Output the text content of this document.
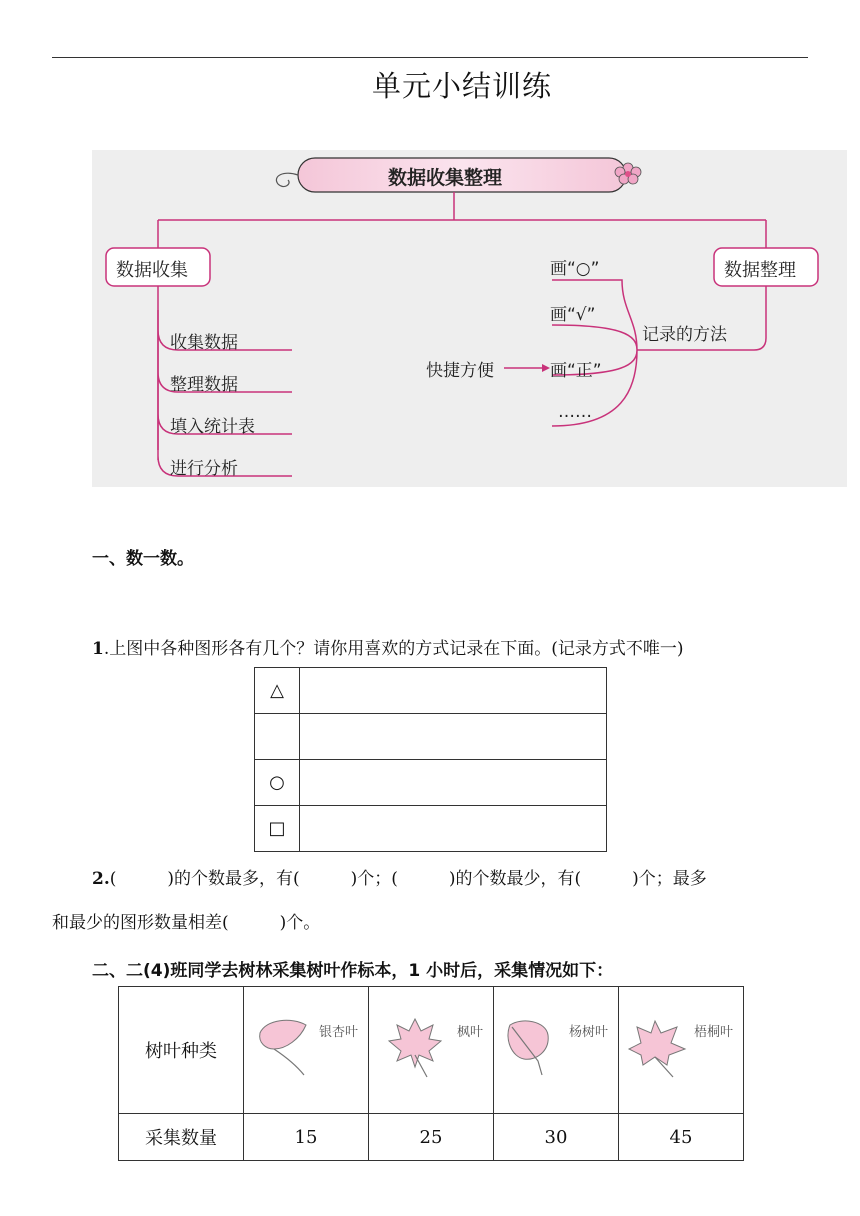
单元小结训练
数据收集整理
数据收集	数据整理
收集数据
整理数据
填入统计表
进行分析
画“○”
画“√”
画“正”
……
记录的方法
快捷方便
一、数一数。
1.上图中各种图形各有几个？请你用喜欢的方式记录在下面。(记录方式不唯一)
△	

○	
□	
2.(　　　)的个数最多，有(　　　)个；(　　　)的个数最少，有(　　　)个；最多
和最少的图形数量相差(　　　)个。
二、二(4)班同学去树林采集树叶作标本，1 小时后，采集情况如下：
树叶种类	银杏叶	枫叶	杨树叶	梧桐叶

采集数量	15	25	30	45
